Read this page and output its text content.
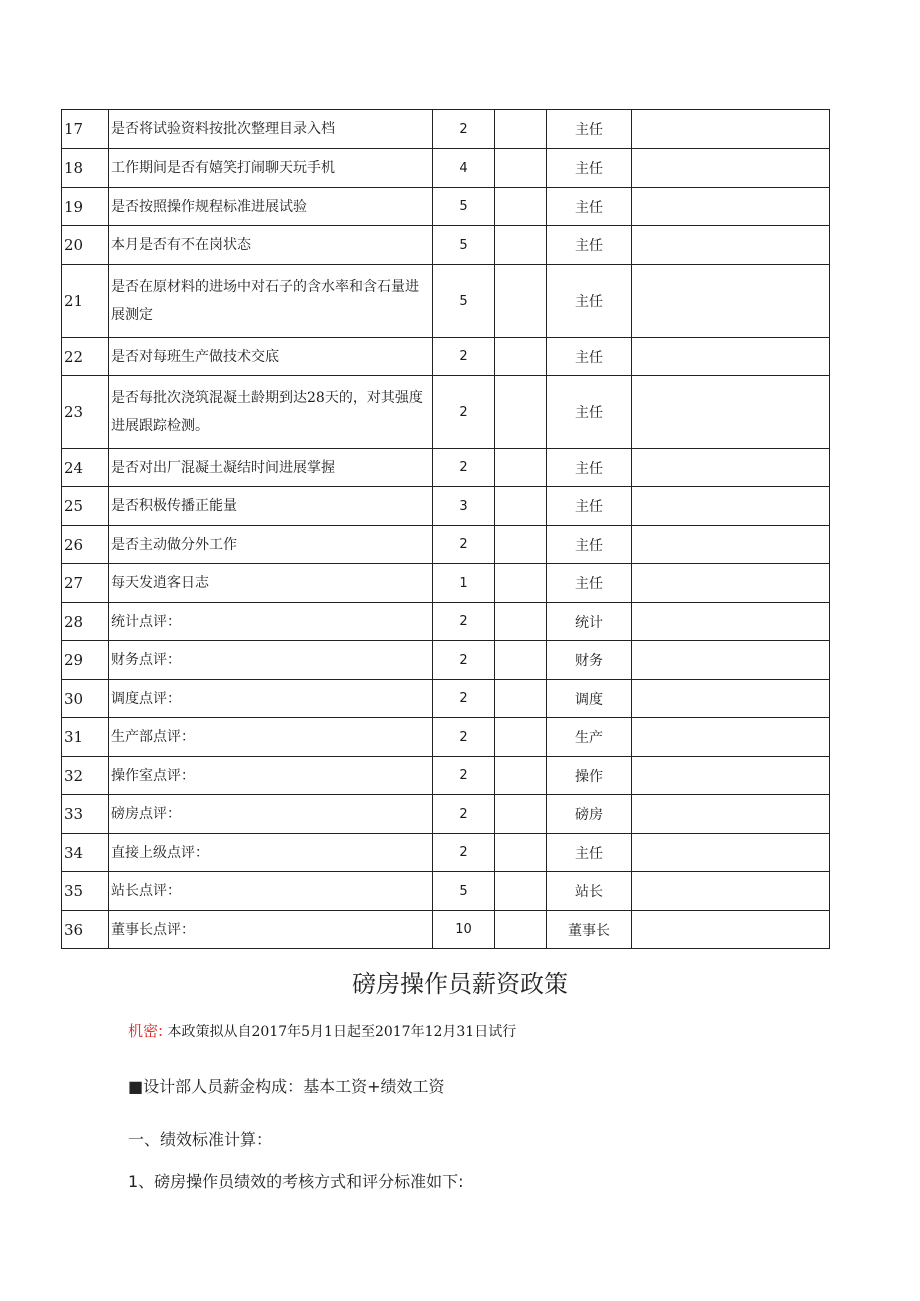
17	是否将试验资料按批次整理目录入档	2		主任	
18	工作期间是否有嬉笑打闹聊天玩手机	4		主任	
19	是否按照操作规程标准进展试验	5		主任	
20	本月是否有不在岗状态	5		主任	
21	是否在原材料的进场中对石子的含水率和含石量进展测定	5		主任	
22	是否对每班生产做技术交底	2		主任	
23	是否每批次浇筑混凝土龄期到达28天的，对其强度进展跟踪检测。	2		主任	
24	是否对出厂混凝土凝结时间进展掌握	2		主任	
25	是否积极传播正能量	3		主任	
26	是否主动做分外工作	2		主任	
27	每天发逍客日志	1		主任	
28	统计点评：	2		统计	
29	财务点评：	2		财务	
30	调度点评：	2		调度	
31	生产部点评：	2		生产	
32	操作室点评：	2		操作	
33	磅房点评：	2		磅房	
34	直接上级点评：	2		主任	
35	站长点评：	5		站长	
36	董事长点评：	10		董事长	
磅房操作员薪资政策
机密: 本政策拟从自2017年5月1日起至2017年12月31日试行
■设计部人员薪金构成：基本工资+绩效工资
一、绩效标准计算：
1、磅房操作员绩效的考核方式和评分标准如下:
